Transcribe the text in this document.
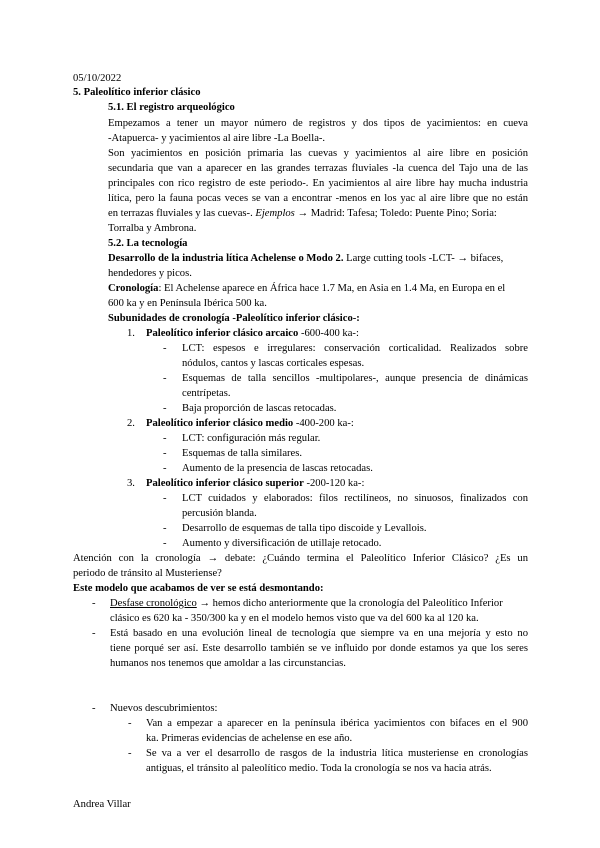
05/10/2022
5. Paleolítico inferior clásico
5.1. El registro arqueológico
Empezamos a tener un mayor número de registros y dos tipos de yacimientos: en cueva
-Atapuerca- y yacimientos al aire libre -La Boella-.
Son yacimientos en posición primaria las cuevas y yacimientos al aire libre en posición
secundaria que van a aparecer en las grandes terrazas fluviales -la cuenca del Tajo una de las
principales con rico registro de este periodo-. En yacimientos al aire libre hay mucha industria
lítica, pero la fauna pocas veces se van a encontrar -menos en los yac al aire libre que no están
en terrazas fluviales y las cuevas-. Ejemplos → Madrid: Tafesa; Toledo: Puente Pino; Soria:
Torralba y Ambrona.
5.2. La tecnología
Desarrollo de la industria lítica Achelense o Modo 2. Large cutting tools -LCT- → bifaces,
hendedores y picos.
Cronología: El Achelense aparece en África hace 1.7 Ma, en Asia en 1.4 Ma, en Europa en el
600 ka y en Península Ibérica 500 ka.
Subunidades de cronología -Paleolítico inferior clásico-:
1. Paleolítico inferior clásico arcaico -600-400 ka-:
- LCT: espesos e irregulares: conservación corticalidad. Realizados sobre
nódulos, cantos y lascas corticales espesas.
- Esquemas de talla sencillos -multipolares-, aunque presencia de dinámicas
centrípetas.
- Baja proporción de lascas retocadas.
2. Paleolítico inferior clásico medio -400-200 ka-:
- LCT: configuración más regular.
- Esquemas de talla similares.
- Aumento de la presencia de lascas retocadas.
3. Paleolítico inferior clásico superior -200-120 ka-:
- LCT cuidados y elaborados: filos rectilíneos, no sinuosos, finalizados con
percusión blanda.
- Desarrollo de esquemas de talla tipo discoide y Levallois.
- Aumento y diversificación de utillaje retocado.
Atención con la cronología → debate: ¿Cuándo termina el Paleolítico Inferior Clásico? ¿Es un
periodo de tránsito al Musteriense?
Este modelo que acabamos de ver se está desmontando:
- Desfase cronológico → hemos dicho anteriormente que la cronología del Paleolítico Inferior
clásico es 620 ka - 350/300 ka y en el modelo hemos visto que va del 600 ka al 120 ka.
- Está basado en una evolución lineal de tecnología que siempre va en una mejoría y esto no
tiene porqué ser así. Este desarrollo también se ve influido por donde estamos ya que los seres
humanos nos tenemos que amoldar a las circunstancias.
- Nuevos descubrimientos:
- Van a empezar a aparecer en la península ibérica yacimientos con bifaces en el 900
ka. Primeras evidencias de achelense en ese año.
- Se va a ver el desarrollo de rasgos de la industria lítica musteriense en cronologías
antiguas, el tránsito al paleolítico medio. Toda la cronología se nos va hacia atrás.
Andrea Villar
